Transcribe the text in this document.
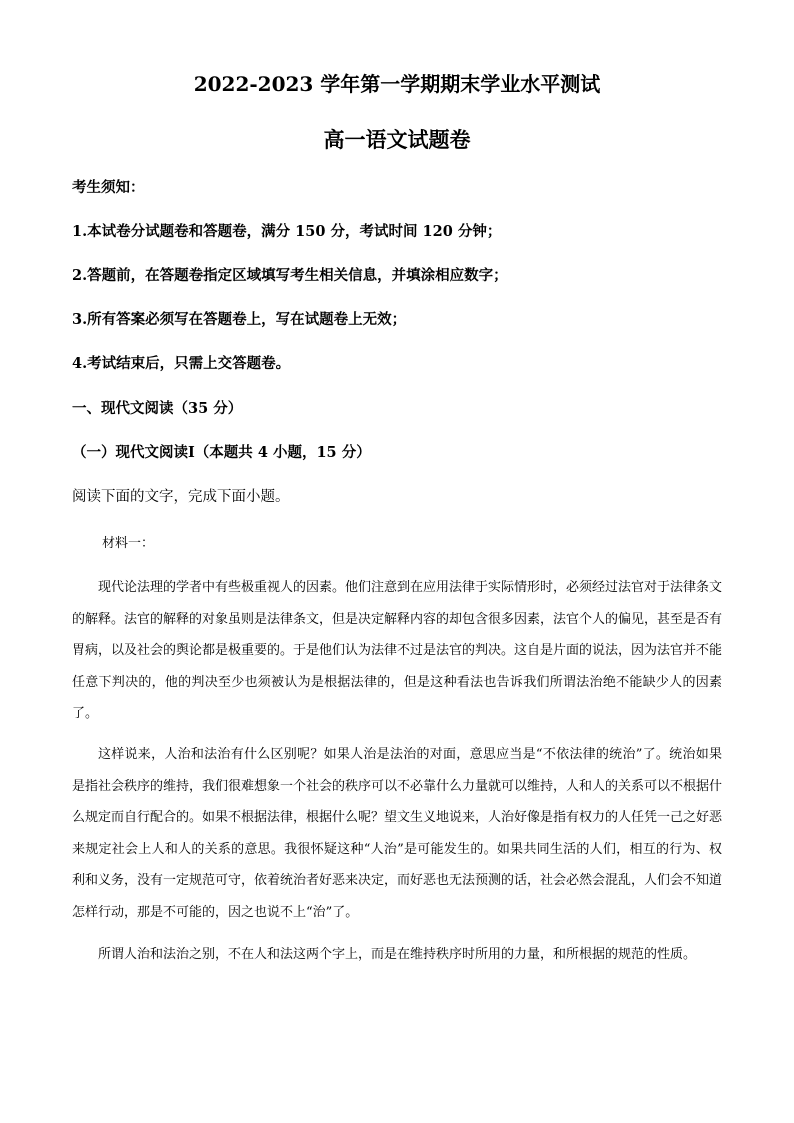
2022-2023 学年第一学期期末学业水平测试
高一语文试题卷

考生须知：

1.本试卷分试题卷和答题卷，满分 150 分，考试时间 120 分钟；

2.答题前，在答题卷指定区域填写考生相关信息，并填涂相应数字；

3.所有答案必须写在答题卷上，写在试题卷上无效；

4.考试结束后，只需上交答题卷。

一、现代文阅读（35 分）

（一）现代文阅读Ⅰ（本题共 4 小题，15 分）

阅读下面的文字，完成下面小题。

材料一：

现代论法理的学者中有些极重视人的因素。他们注意到在应用法律于实际情形时，必须经过法官对于法律条文的解释。法官的解释的对象虽则是法律条文，但是决定解释内容的却包含很多因素，法官个人的偏见，甚至是否有胃病，以及社会的舆论都是极重要的。于是他们认为法律不过是法官的判决。这自是片面的说法，因为法官并不能任意下判决的，他的判决至少也须被认为是根据法律的，但是这种看法也告诉我们所谓法治绝不能缺少人的因素了。

这样说来，人治和法治有什么区别呢？如果人治是法治的对面，意思应当是“不依法律的统治”了。统治如果是指社会秩序的维持，我们很难想象一个社会的秩序可以不必靠什么力量就可以维持，人和人的关系可以不根据什么规定而自行配合的。如果不根据法律，根据什么呢？望文生义地说来，人治好像是指有权力的人任凭一己之好恶来规定社会上人和人的关系的意思。我很怀疑这种“人治”是可能发生的。如果共同生活的人们，相互的行为、权利和义务，没有一定规范可守，依着统治者好恶来决定，而好恶也无法预测的话，社会必然会混乱，人们会不知道怎样行动，那是不可能的，因之也说不上“治”了。

所谓人治和法治之别，不在人和法这两个字上，而是在维持秩序时所用的力量，和所根据的规范的性质。
